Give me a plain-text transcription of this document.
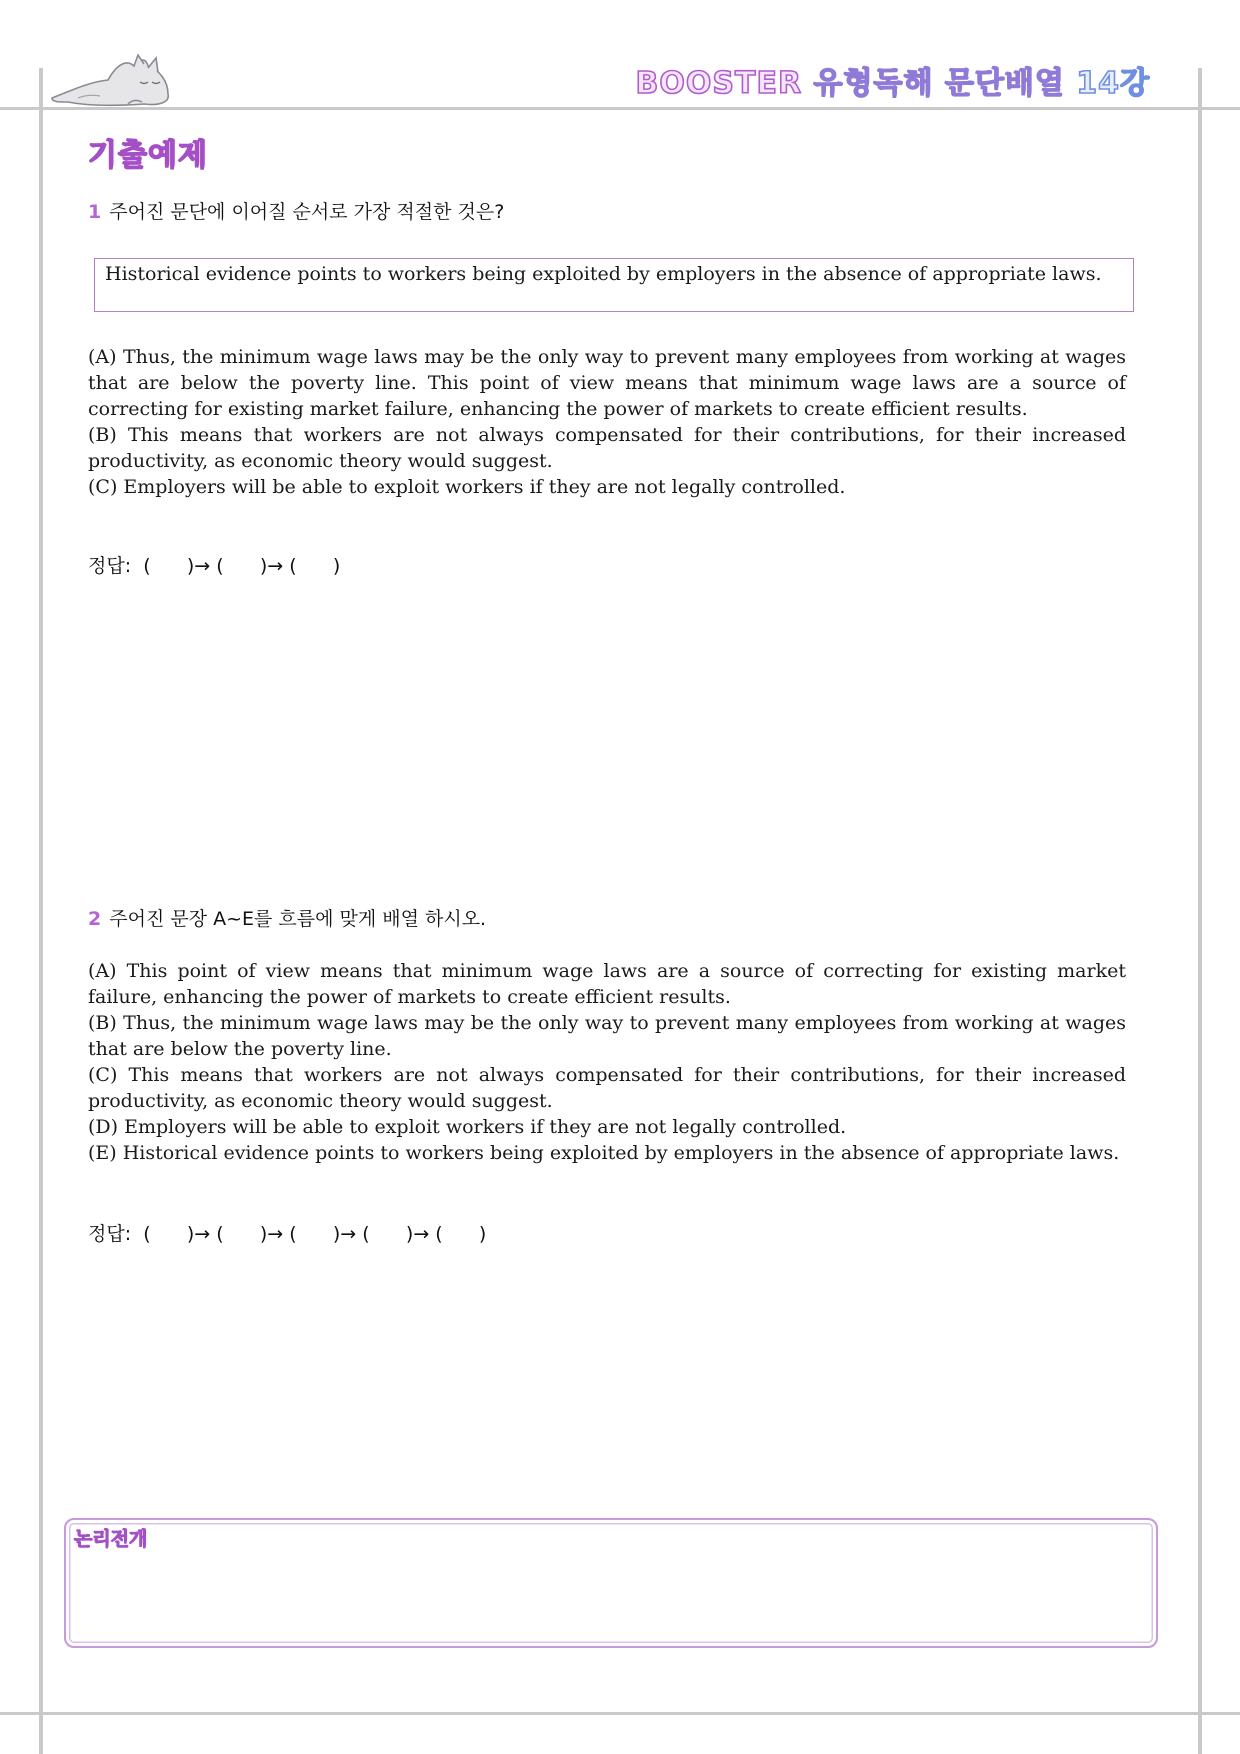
BOOSTER 유형독해 문단배열 14강
기출예제
1 주어진 문단에 이어질 순서로 가장 적절한 것은?
Historical evidence points to workers being exploited by employers in the absence of appropriate laws.

(A) Thus, the minimum wage laws may be the only way to prevent many employees from working at wages that are below the poverty line. This point of view means that minimum wage laws are a source of correcting for existing market failure, enhancing the power of markets to create efficient results.

(B) This means that workers are not always compensated for their contributions, for their increased productivity, as economic theory would suggest.

(C) Employers will be able to exploit workers if they are not legally controlled.

정답:  (      )→ (      )→ (      )
2 주어진 문장 A~E를 흐름에 맞게 배열 하시오.

(A) This point of view means that minimum wage laws are a source of correcting for existing market failure, enhancing the power of markets to create efficient results.

(B) Thus, the minimum wage laws may be the only way to prevent many employees from working at wages that are below the poverty line.

(C) This means that workers are not always compensated for their contributions, for their increased productivity, as economic theory would suggest.

(D) Employers will be able to exploit workers if they are not legally controlled.

(E) Historical evidence points to workers being exploited by employers in the absence of appropriate laws.

정답:  (      )→ (      )→ (      )→ (      )→ (      )
논리전개
